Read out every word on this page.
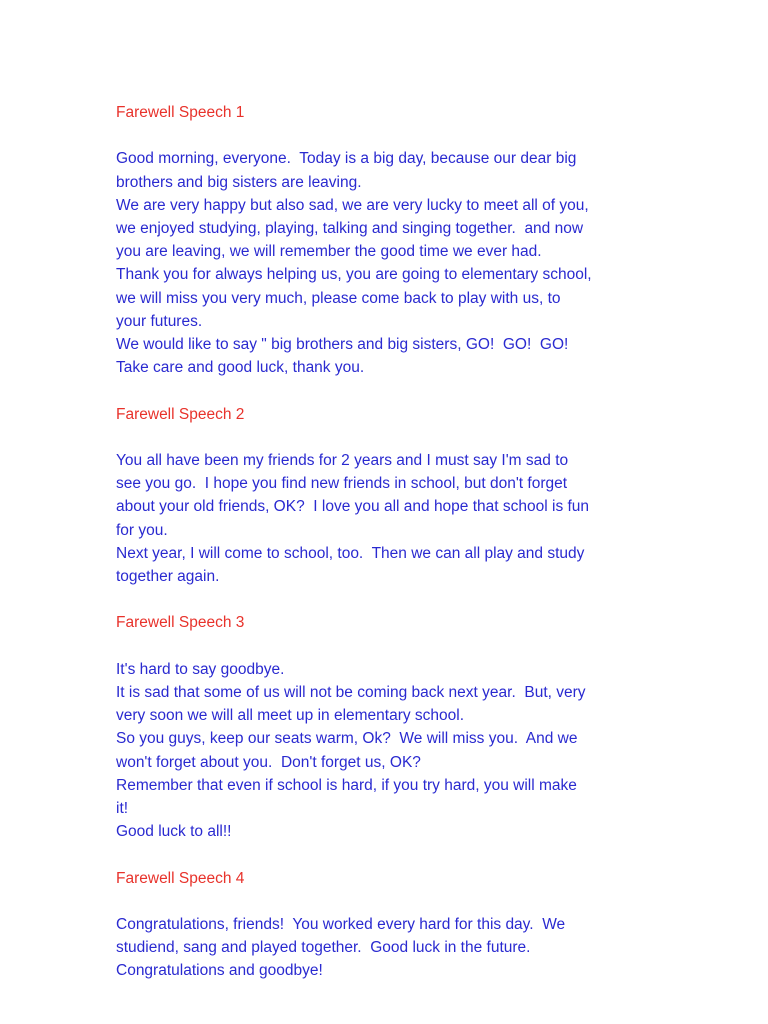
Farewell Speech 1

Good morning, everyone.  Today is a big day, because our dear big

brothers and big sisters are leaving.

We are very happy but also sad, we are very lucky to meet all of you,

we enjoyed studying, playing, talking and singing together.  and now

you are leaving, we will remember the good time we ever had.

Thank you for always helping us, you are going to elementary school,

we will miss you very much, please come back to play with us, to

your futures.

We would like to say " big brothers and big sisters, GO!  GO!  GO!

Take care and good luck, thank you.

Farewell Speech 2

You all have been my friends for 2 years and I must say I'm sad to

see you go.  I hope you find new friends in school, but don't forget

about your old friends, OK?  I love you all and hope that school is fun

for you.

Next year, I will come to school, too.  Then we can all play and study

together again.

Farewell Speech 3

It's hard to say goodbye.

It is sad that some of us will not be coming back next year.  But, very

very soon we will all meet up in elementary school.

So you guys, keep our seats warm, Ok?  We will miss you.  And we

won't forget about you.  Don't forget us, OK?

Remember that even if school is hard, if you try hard, you will make

it!

Good luck to all!!

Farewell Speech 4

Congratulations, friends!  You worked every hard for this day.  We

studiend, sang and played together.  Good luck in the future.

Congratulations and goodbye!
